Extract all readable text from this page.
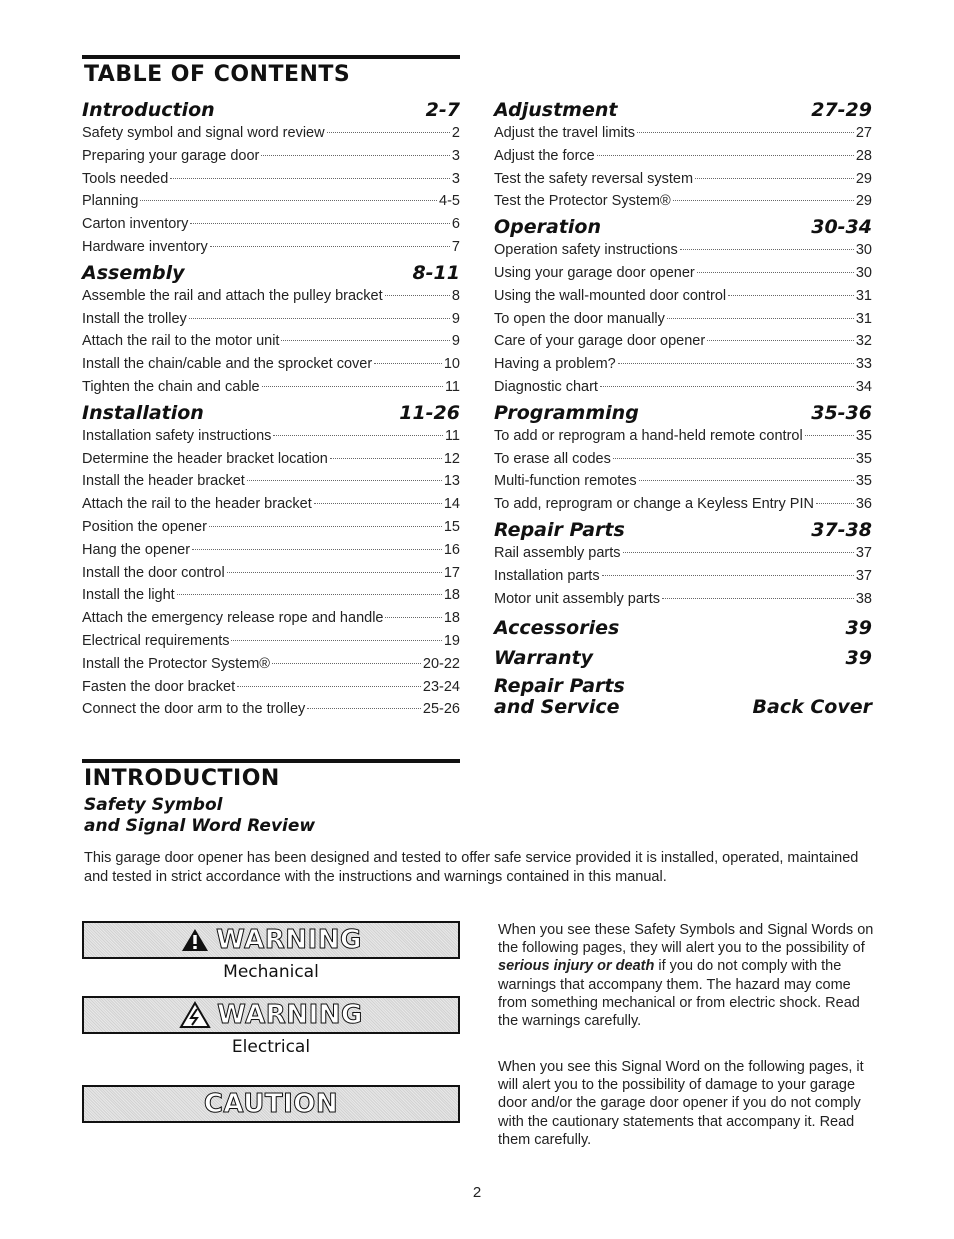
TABLE OF CONTENTS
Introduction	2-7
Safety symbol and signal word review	2
Preparing your garage door	3
Tools needed	3
Planning	4-5
Carton inventory	6
Hardware inventory	7
Assembly	8-11
Assemble the rail and attach the pulley bracket	8
Install the trolley	9
Attach the rail to the motor unit	9
Install the chain/cable and the sprocket cover	10
Tighten the chain and cable	11
Installation	11-26
Installation safety instructions	11
Determine the header bracket location	12
Install the header bracket	13
Attach the rail to the header bracket	14
Position the opener	15
Hang the opener	16
Install the door control	17
Install the light	18
Attach the emergency release rope and handle	18
Electrical requirements	19
Install the Protector System®	20-22
Fasten the door bracket	23-24
Connect the door arm to the trolley	25-26
Adjustment	27-29
Adjust the travel limits	27
Adjust the force	28
Test the safety reversal system	29
Test the Protector System®	29
Operation	30-34
Operation safety instructions	30
Using your garage door opener	30
Using the wall-mounted door control	31
To open the door manually	31
Care of your garage door opener	32
Having a problem?	33
Diagnostic chart	34
Programming	35-36
To add or reprogram a hand-held remote control	35
To erase all codes	35
Multi-function remotes	35
To add, reprogram or change a Keyless Entry PIN	36
Repair Parts	37-38
Rail assembly parts	37
Installation parts	37
Motor unit assembly parts	38
Accessories	39
Warranty	39
Repair Parts
and Service	Back Cover
INTRODUCTION
Safety Symbol
and Signal Word Review

This garage door opener has been designed and tested to offer safe service provided it is installed, operated, maintained and tested in strict accordance with the instructions and warnings contained in this manual.

WARNING
Mechanical
WARNING
Electrical
CAUTION

When you see these Safety Symbols and Signal Words on the following pages, they will alert you to the possibility of serious injury or death if you do not comply with the warnings that accompany them. The hazard may come from something mechanical or from electric shock. Read the warnings carefully.

When you see this Signal Word on the following pages, it will alert you to the possibility of damage to your garage door and/or the garage door opener if you do not comply with the cautionary statements that accompany it. Read them carefully.

2
